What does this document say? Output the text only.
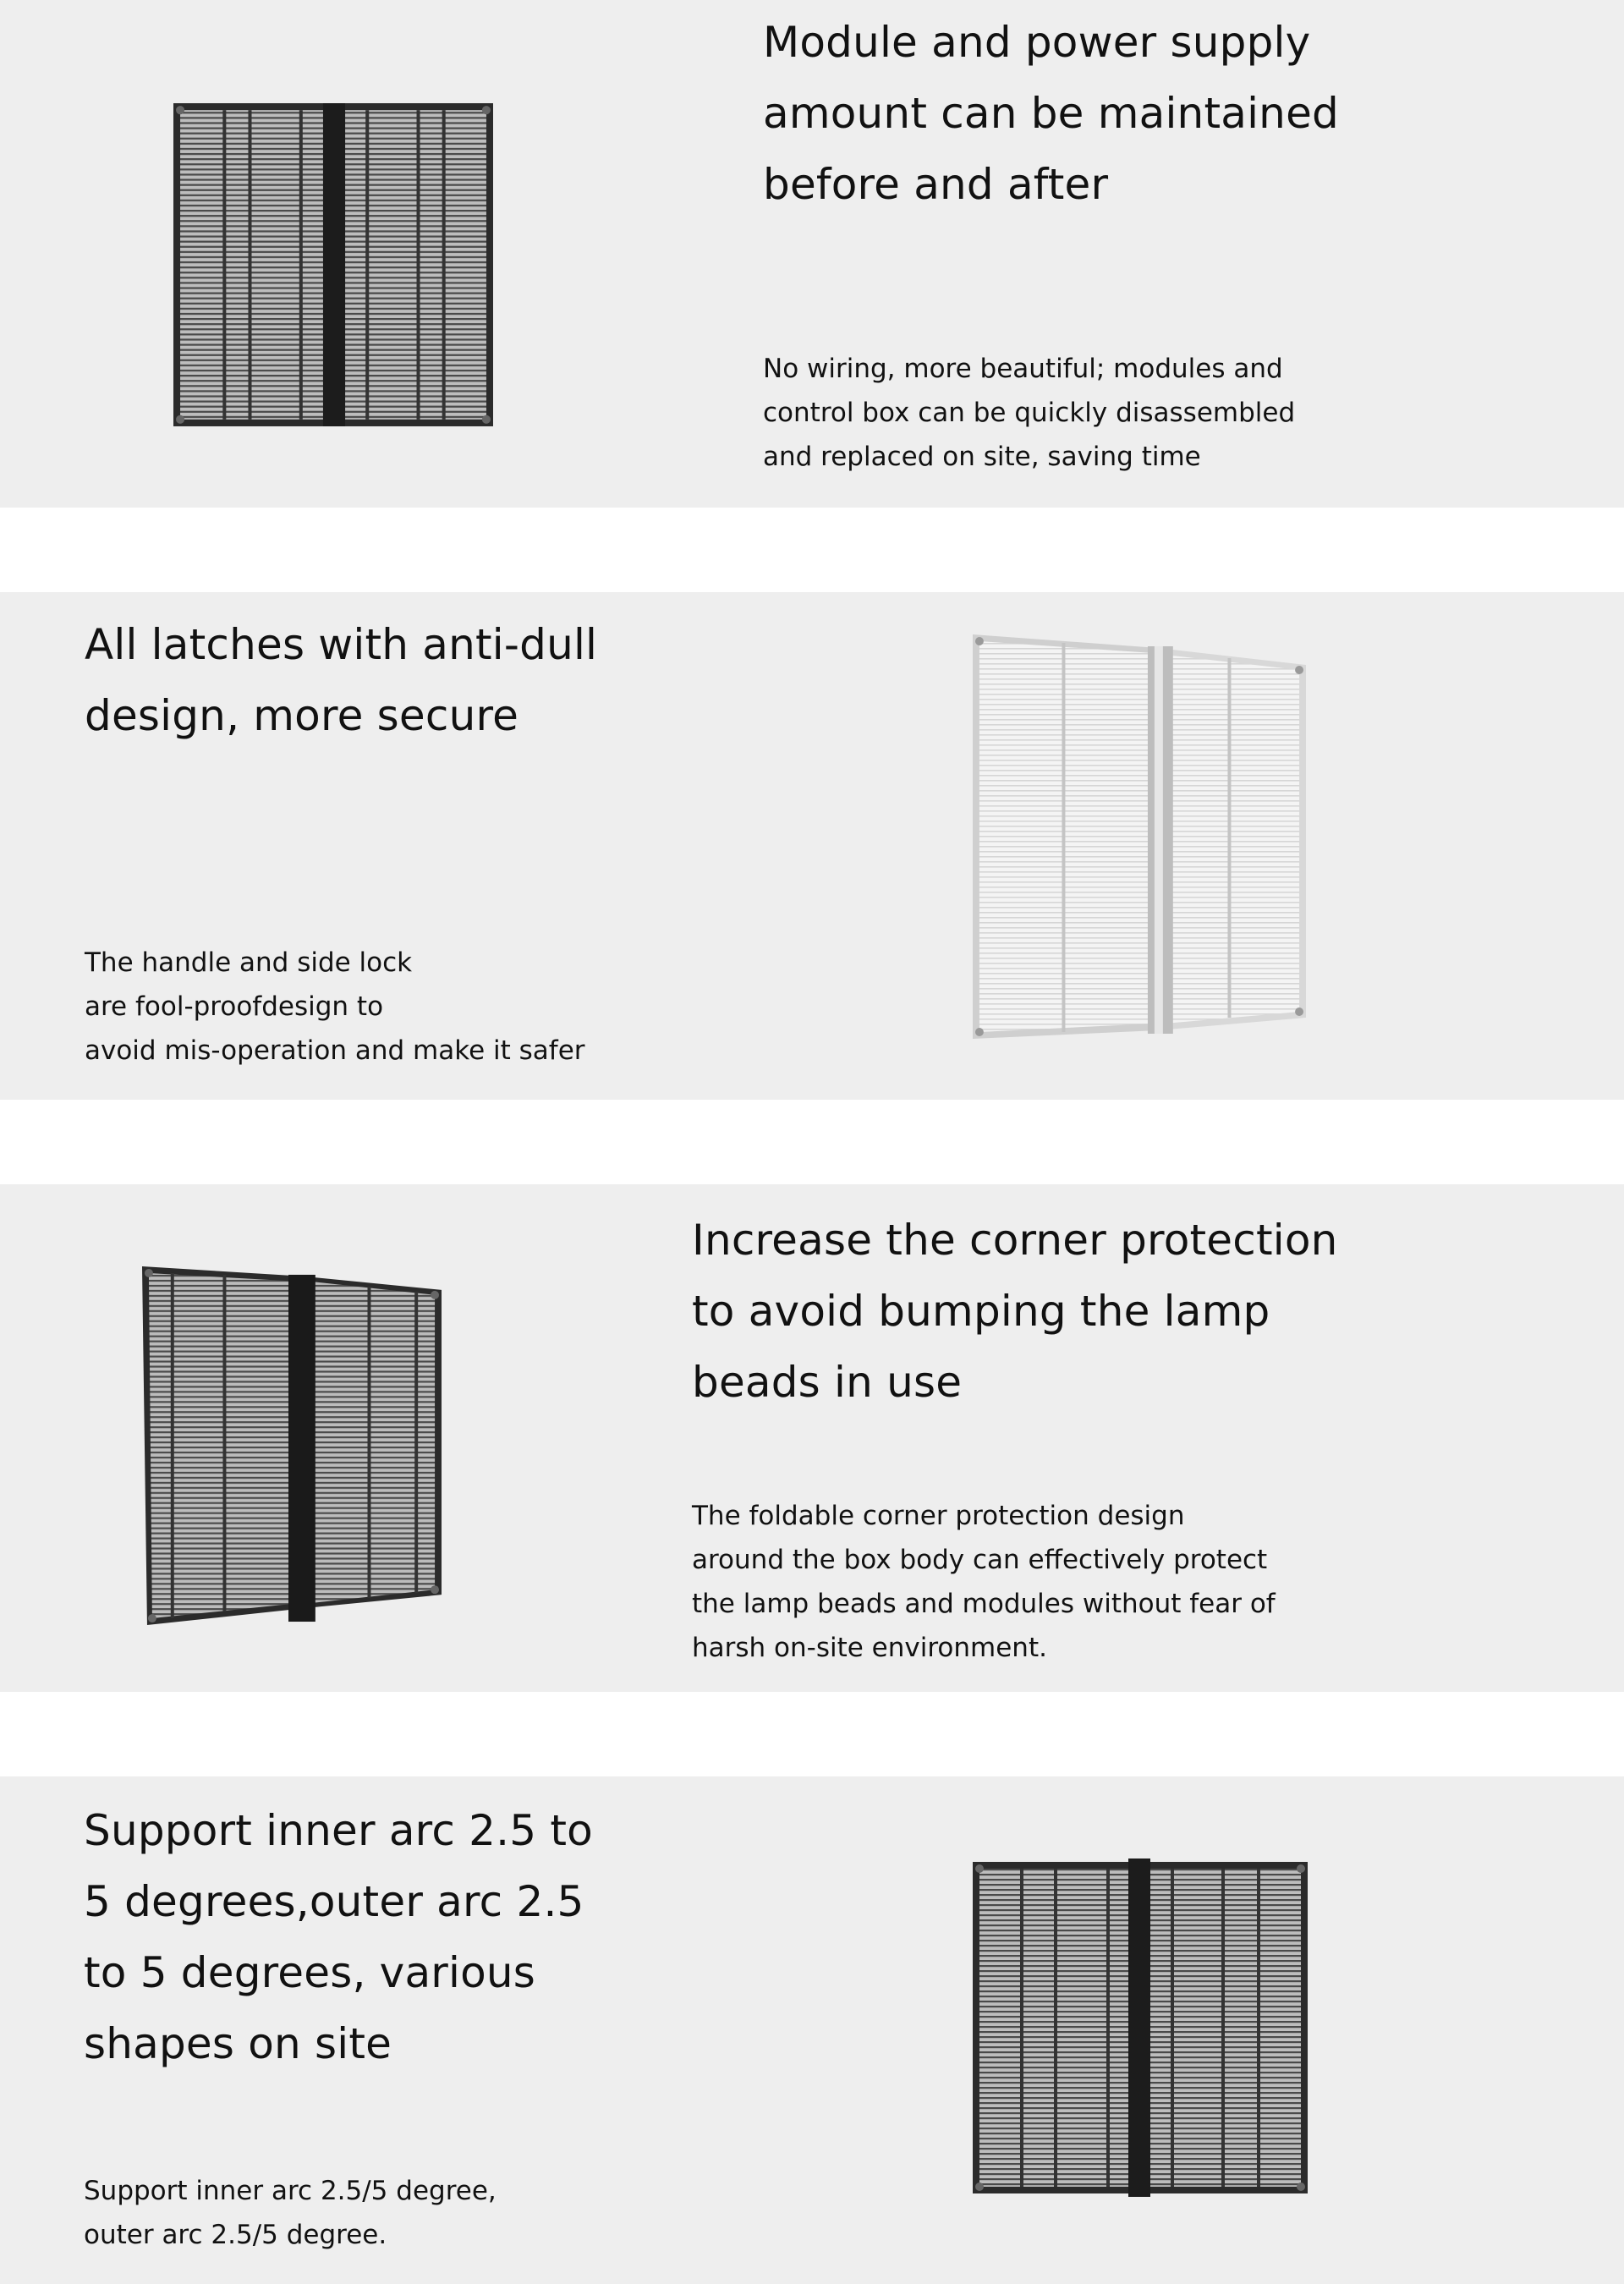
Module and power supply
amount can be maintained
before and after

No wiring, more beautiful; modules and
control box can be quickly disassembled
and replaced on site, saving time

All latches with anti-dull
design, more secure

The handle and side lock
are fool-proofdesign to
avoid mis-operation and make it safer

Increase the corner protection
to avoid bumping the lamp
beads in use

The foldable corner protection design
around the box body can effectively protect
the lamp beads and modules without fear of
harsh on-site environment.

Support inner arc 2.5 to
5 degrees,outer arc 2.5
to 5 degrees, various
shapes on site

Support inner arc 2.5/5 degree,
outer arc 2.5/5 degree.
